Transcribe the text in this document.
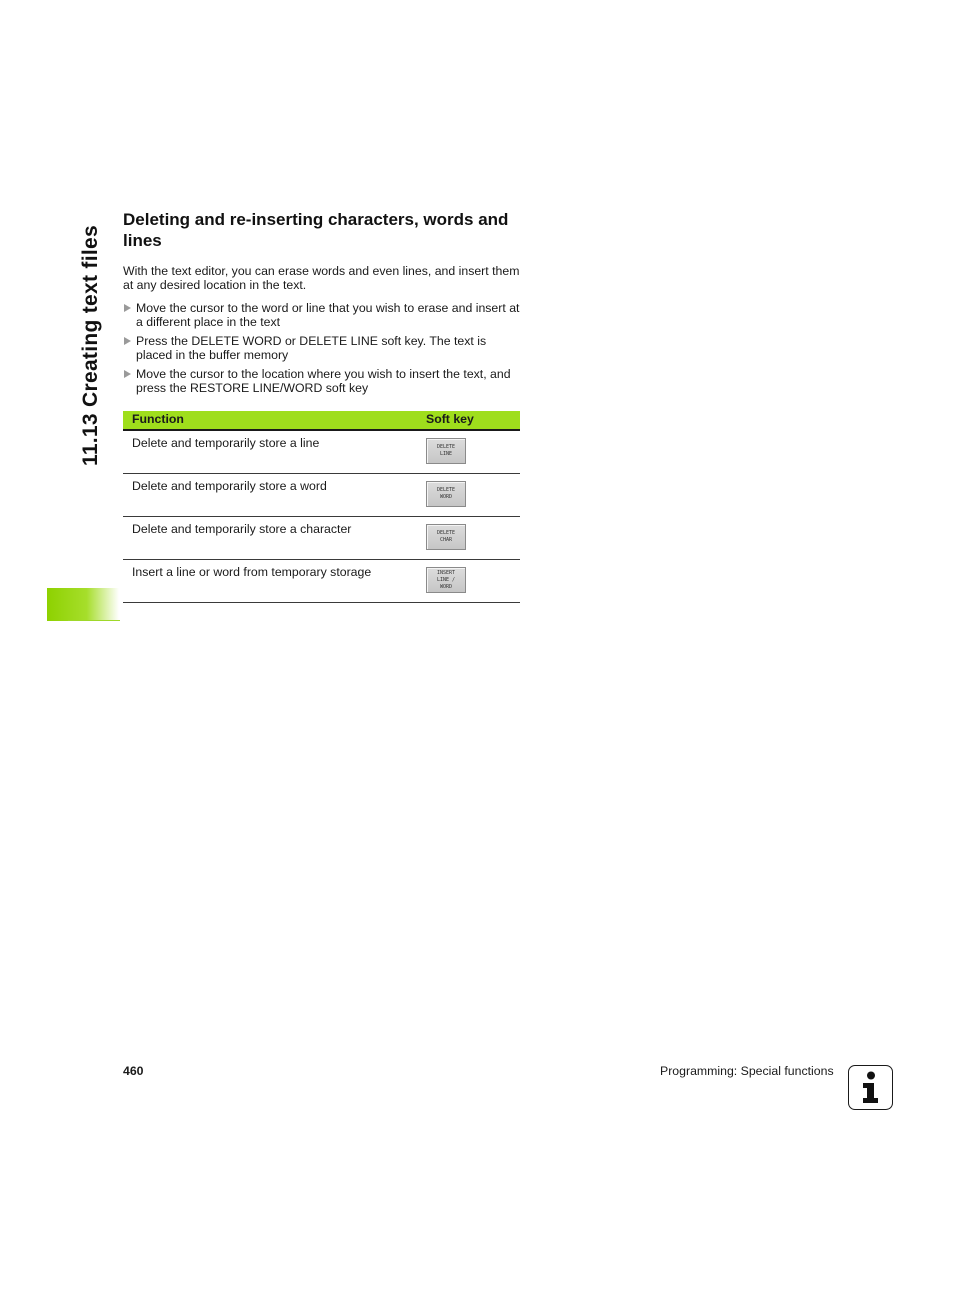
11.13 Creating text files
Deleting and re-inserting characters, words and lines

With the text editor, you can erase words and even lines, and insert them at any desired location in the text.

Move the cursor to the word or line that you wish to erase and insert at a different place in the text
Press the DELETE WORD or DELETE LINE soft key. The text is placed in the buffer memory
Move the cursor to the location where you wish to insert the text, and press the RESTORE LINE/WORD soft key
Function	Soft key
Delete and temporarily store a line	DELETE
LINE
Delete and temporarily store a word	DELETE
WORD
Delete and temporarily store a character	DELETE
CHAR
Insert a line or word from temporary storage	INSERT
LINE /
WORD
460	Programming: Special functions
